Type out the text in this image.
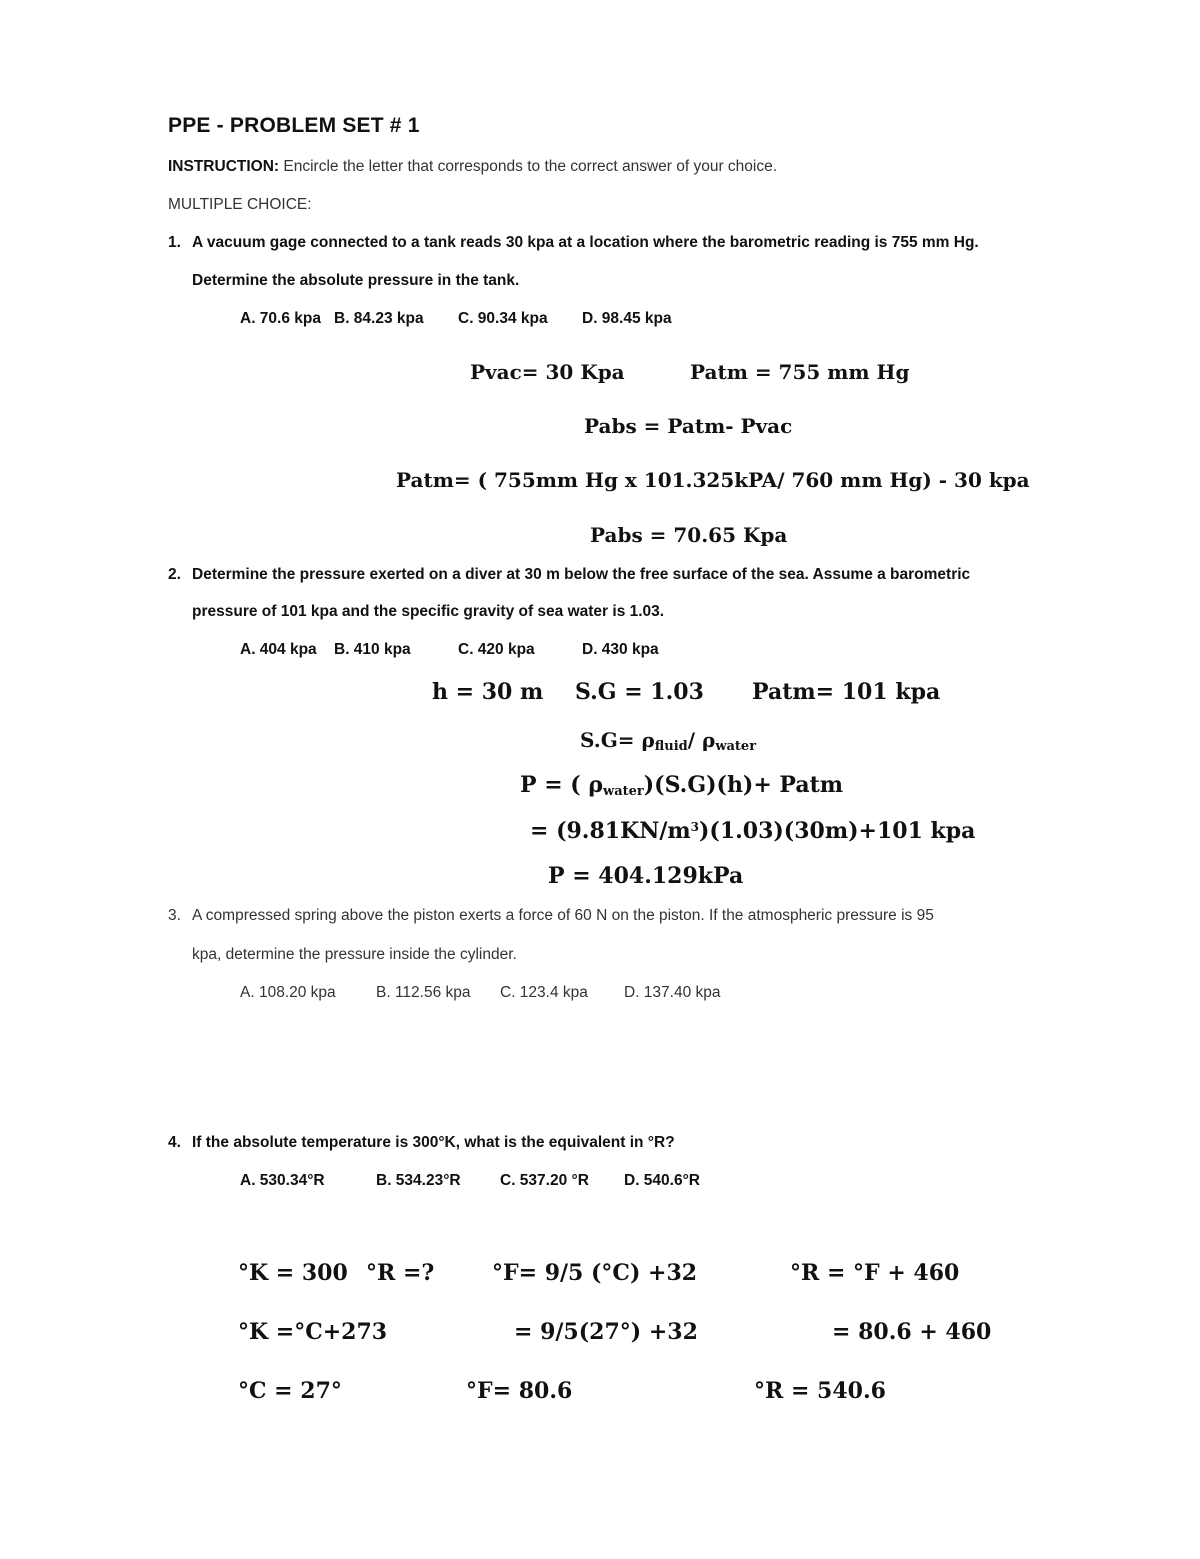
PPE - PROBLEM SET # 1
INSTRUCTION: Encircle the letter that corresponds to the correct answer of your choice.
MULTIPLE CHOICE:
1. A vacuum gage connected to a tank reads 30 kpa at a location where the barometric reading is 755 mm Hg.
Determine the absolute pressure in the tank.
A. 70.6 kpa B. 84.23 kpa C. 90.34 kpa D. 98.45 kpa
Pvac= 30 Kpa	Patm = 755 mm Hg
Pabs = Patm- Pvac
Patm= ( 755mm Hg x 101.325kPA/ 760 mm Hg) - 30 kpa
Pabs = 70.65 Kpa
2. Determine the pressure exerted on a diver at 30 m below the free surface of the sea. Assume a barometric
pressure of 101 kpa and the specific gravity of sea water is 1.03.
A. 404 kpa B. 410 kpa	C. 420 kpa	D. 430 kpa
h = 30 m S.G = 1.03 Patm= 101 kpa
$S.G= \rho_{fluid}/$ $\rho_{water}$
P = ( $\rho_{water})(S.G)(h)+$ Patm
= $(9.81KN/m^3)(1.03)(30m)+101$ kpa
P = 404.129kPa
3. A compressed spring above the piston exerts a force of 60 N on the piston. If the atmospheric pressure is 95
kpa, determine the pressure inside the cylinder.
A. 108.20 kpa	B. 112.56 kpa C. 123.4 kpa D. 137.40 kpa
4. If the absolute temperature is 300°K, what is the equivalent in °R?
A. 530.34°R	B. 534.23°R	C. 537.20 °R D. 540.6°R
°K = 300 °R =?	°F= 9/5 (°C) +32	°R = °F + 460
°K =°C+273	= 9/5(27°) +32	= 80.6 + 460
°C = 27°	°F= 80.6	°R = 540.6
